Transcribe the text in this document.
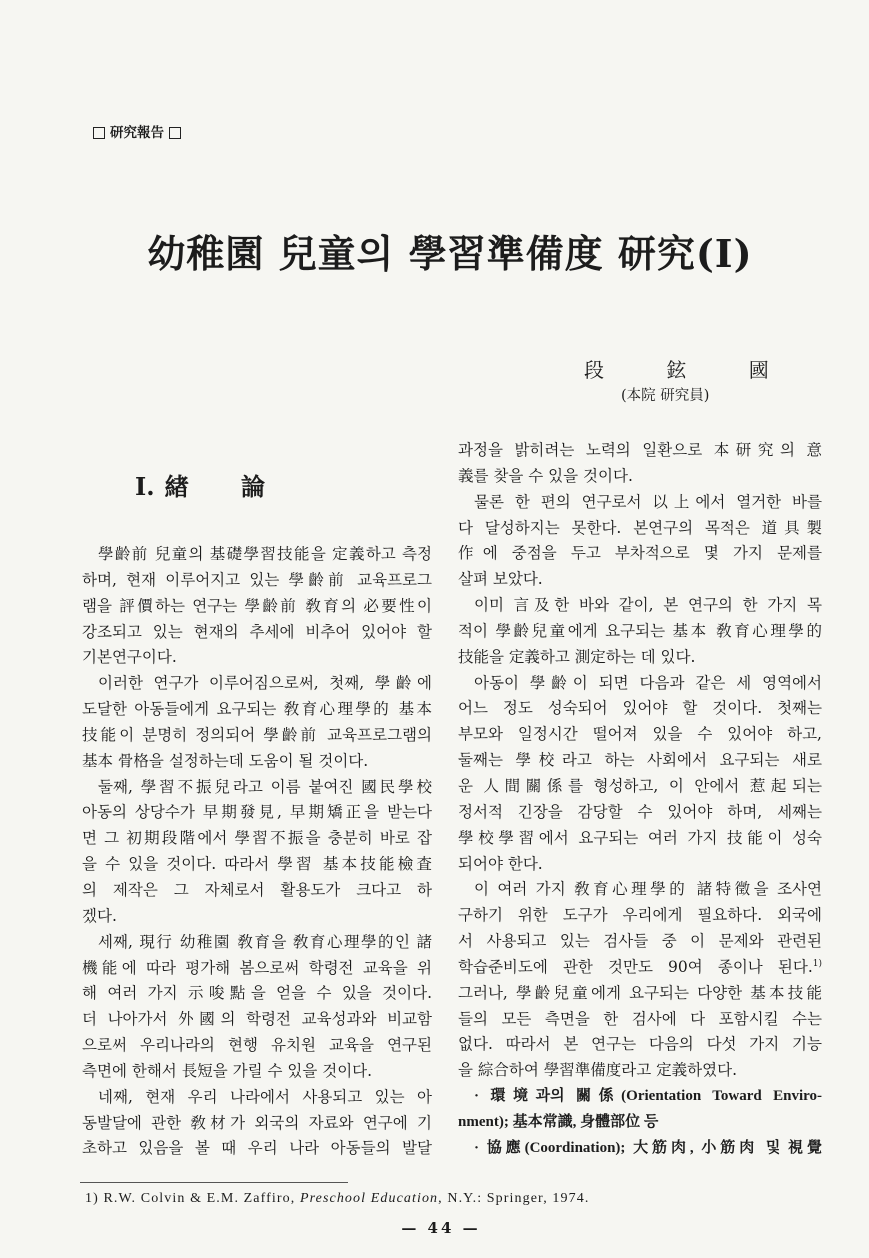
研究報告
幼稚園 兒童의 學習準備度 研究(Ⅰ)
段 鉉 國
(本院 研究員)
I. 緖 論
學齡前 兒童의 基礎學習技能을 定義하고 측정
하며, 현재 이루어지고 있는 學齡前 교육프로그
램을 評價하는 연구는 學齡前 敎育의 必要性이
강조되고 있는 현재의 추세에 비추어 있어야 할
기본연구이다.
이러한 연구가 이루어짐으로써, 첫째, 學齡에
도달한 아동들에게 요구되는 敎育心理學的 基本
技能이 분명히 정의되어 學齡前 교육프로그램의
基本 骨格을 설정하는데 도움이 될 것이다.
둘째, 學習不振兒라고 이름 붙여진 國民學校
아동의 상당수가 早期發見, 早期矯正을 받는다
면 그 初期段階에서 學習不振을 충분히 바로 잡
을 수 있을 것이다. 따라서 學習 基本技能檢査
의 제작은 그 자체로서 활용도가 크다고 하
겠다.
세째, 現行 幼稚園 敎育을 敎育心理學的인 諸
機能에 따라 평가해 봄으로써 학령전 교육을 위
해 여러 가지 示唆點을 얻을 수 있을 것이다.
더 나아가서 外國의 학령전 교육성과와 비교함
으로써 우리나라의 현행 유치원 교육을 연구된
측면에 한해서 長短을 가릴 수 있을 것이다.
네째, 현재 우리 나라에서 사용되고 있는 아
동발달에 관한 敎材가 외국의 자료와 연구에 기
초하고 있음을 볼 때 우리 나라 아동들의 발달
과정을 밝히려는 노력의 일환으로 本研究의 意
義를 찾을 수 있을 것이다.
물론 한 편의 연구로서 以上에서 열거한 바를
다 달성하지는 못한다. 본연구의 목적은 道具製
作에 중점을 두고 부차적으로 몇 가지 문제를
살펴 보았다.
이미 言及한 바와 같이, 본 연구의 한 가지 목
적이 學齡兒童에게 요구되는 基本 敎育心理學的
技能을 定義하고 測定하는 데 있다.
아동이 學齡이 되면 다음과 같은 세 영역에서
어느 정도 성숙되어 있어야 할 것이다. 첫째는
부모와 일정시간 떨어져 있을 수 있어야 하고,
둘째는 學校라고 하는 사회에서 요구되는 새로
운 人間關係를 형성하고, 이 안에서 惹起되는
정서적 긴장을 감당할 수 있어야 하며, 세째는
學校學習에서 요구되는 여러 가지 技能이 성숙
되어야 한다.
이 여러 가지 敎育心理學的 諸特徵을 조사연
구하기 위한 도구가 우리에게 필요하다. 외국에
서 사용되고 있는 검사들 중 이 문제와 관련된
학습준비도에 관한 것만도 90여 종이나 된다.$^{1)}$
그러나, 學齡兒童에게 요구되는 다양한 基本技能
들의 모든 측면을 한 검사에 다 포함시킬 수는
없다. 따라서 본 연구는 다음의 다섯 가지 기능
을 綜合하여 學習準備度라고 定義하였다.
· 環境과의 關係(Orientation Toward Enviro-
nment); 基本常識, 身體部位 등
· 協應(Coordination); 大筋肉, 小筋肉 및 視覺
1) R.W. Colvin & E.M. Zaffiro, Preschool Education, N.Y.: Springer, 1974.
— 44 —
